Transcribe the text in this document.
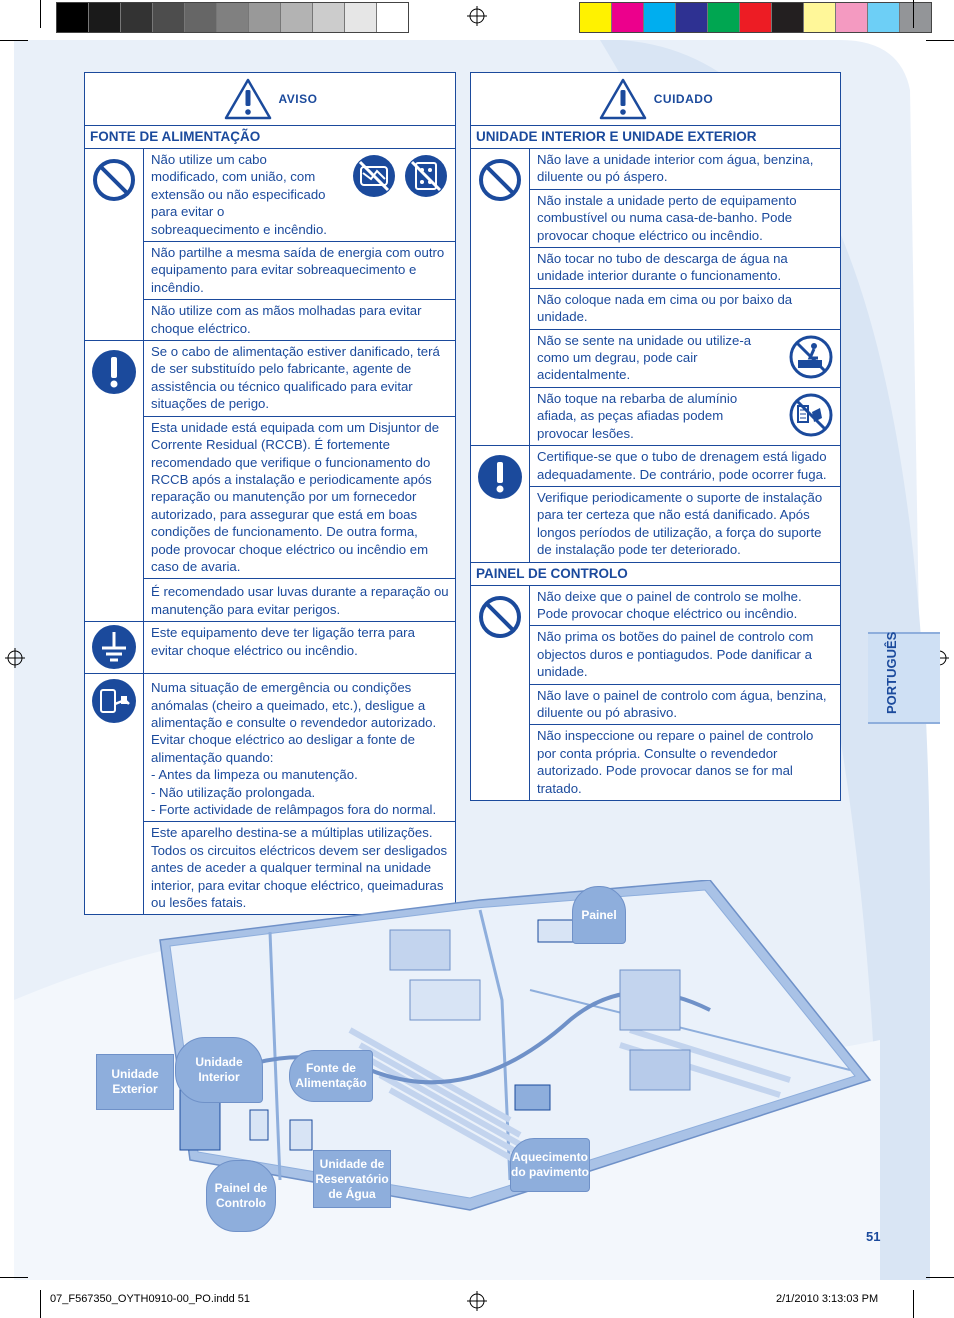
AVISO
FONTE DE ALIMENTAÇÃO
Não utilize um cabo modificado, com união, com extensão ou não especificado para evitar o sobreaquecimento e incêndio.
Não partilhe a mesma saída de energia com outro equipamento para evitar sobreaquecimento e incêndio.
Não utilize com as mãos molhadas para evitar choque eléctrico.
Se o cabo de alimentação estiver danificado, terá de ser substituído pelo fabricante, agente de assistência ou técnico qualificado para evitar situações de perigo.
Esta unidade está equipada com um Disjuntor de Corrente Residual (RCCB). É fortemente recomendado que verifique o funcionamento do RCCB após a instalação e periodicamente após reparação ou manutenção por um fornecedor autorizado, para assegurar que está em boas condições de funcionamento. De outra forma, pode provocar choque eléctrico ou incêndio em caso de avaria.
É recomendado usar luvas durante a reparação ou manutenção para evitar perigos.
Este equipamento deve ter ligação terra para evitar choque eléctrico ou incêndio.
Numa situação de emergência ou condições anómalas (cheiro a queimado, etc.), desligue a alimentação e consulte o revendedor autorizado.
Evitar choque eléctrico ao desligar a fonte de alimentação quando:
- Antes da limpeza ou manutenção.
- Não utilização prolongada.
- Forte actividade de relâmpagos fora do normal.
Este aparelho destina-se a múltiplas utilizações. Todos os circuitos eléctricos devem ser desligados antes de aceder a qualquer terminal na unidade interior, para evitar choque eléctrico, queimaduras ou lesões fatais.
CUIDADO
UNIDADE INTERIOR E UNIDADE EXTERIOR
Não lave a unidade interior com água, benzina, diluente ou pó áspero.
Não instale a unidade perto de equipamento combustível ou numa casa-de-banho. Pode provocar choque eléctrico ou incêndio.
Não tocar no tubo de descarga de água na unidade interior durante o funcionamento.
Não coloque nada em cima ou por baixo da unidade.
Não se sente na unidade ou utilize-a como um degrau, pode cair acidentalmente.
Não toque na rebarba de alumínio afiada, as peças afiadas podem provocar lesões.
Certifique-se que o tubo de drenagem está ligado adequadamente. De contrário, pode ocorrer fuga.
Verifique periodicamente o suporte de instalação para ter certeza que não está danificado. Após longos períodos de utilização, a força do suporte de instalação pode ter deteriorado.
PAINEL DE CONTROLO
Não deixe que o painel de controlo se molhe. Pode provocar choque eléctrico ou incêndio.
Não prima os botões do painel de controlo com objectos duros e pontiagudos. Pode danificar a unidade.
Não lave o painel de controlo com água, benzina, diluente ou pó abrasivo.
Não inspeccione ou repare o painel de controlo por conta própria. Consulte o revendedor autorizado. Pode provocar danos se for mal tratado.
PORTUGUÊS
Painel
Unidade
Exterior
Unidade
Interior
Fonte de
Alimentação
Painel de
Controlo
Unidade de
Reservatório
de Água
Aquecimento
do pavimento
51
07_F567350_OYTH0910-00_PO.indd 51	2/1/2010 3:13:03 PM
